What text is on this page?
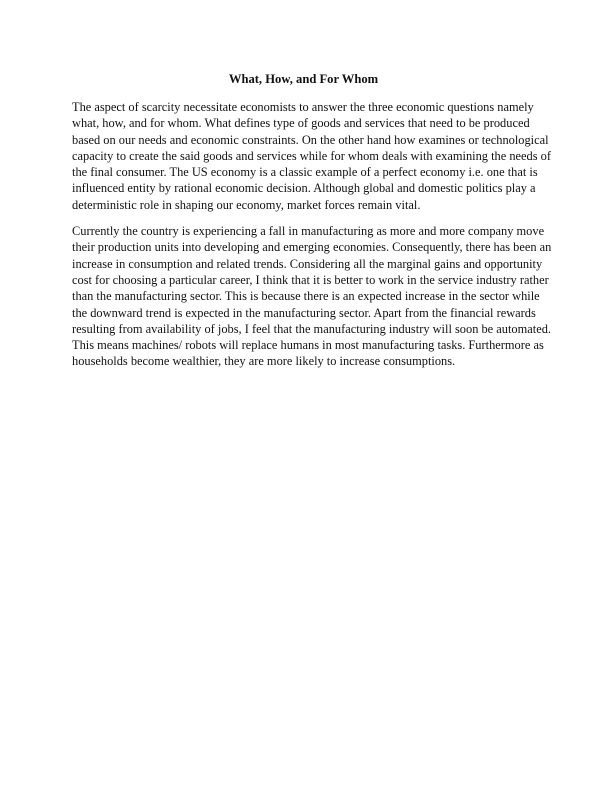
What, How, and For Whom

The aspect of scarcity necessitate economists to answer the three economic questions namely
what, how, and for whom. What defines type of goods and services that need to be produced
based on our needs and economic constraints. On the other hand how examines or technological
capacity to create the said goods and services while for whom deals with examining the needs of
the final consumer. The US economy is a classic example of a perfect economy i.e. one that is
influenced entity by rational economic decision. Although global and domestic politics play a
deterministic role in shaping our economy, market forces remain vital.

Currently the country is experiencing a fall in manufacturing as more and more company move
their production units into developing and emerging economies. Consequently, there has been an
increase in consumption and related trends. Considering all the marginal gains and opportunity
cost for choosing a particular career, I think that it is better to work in the service industry rather
than the manufacturing sector. This is because there is an expected increase in the sector while
the downward trend is expected in the manufacturing sector. Apart from the financial rewards
resulting from availability of jobs, I feel that the manufacturing industry will soon be automated.
This means machines/ robots will replace humans in most manufacturing tasks. Furthermore as
households become wealthier, they are more likely to increase consumptions.
